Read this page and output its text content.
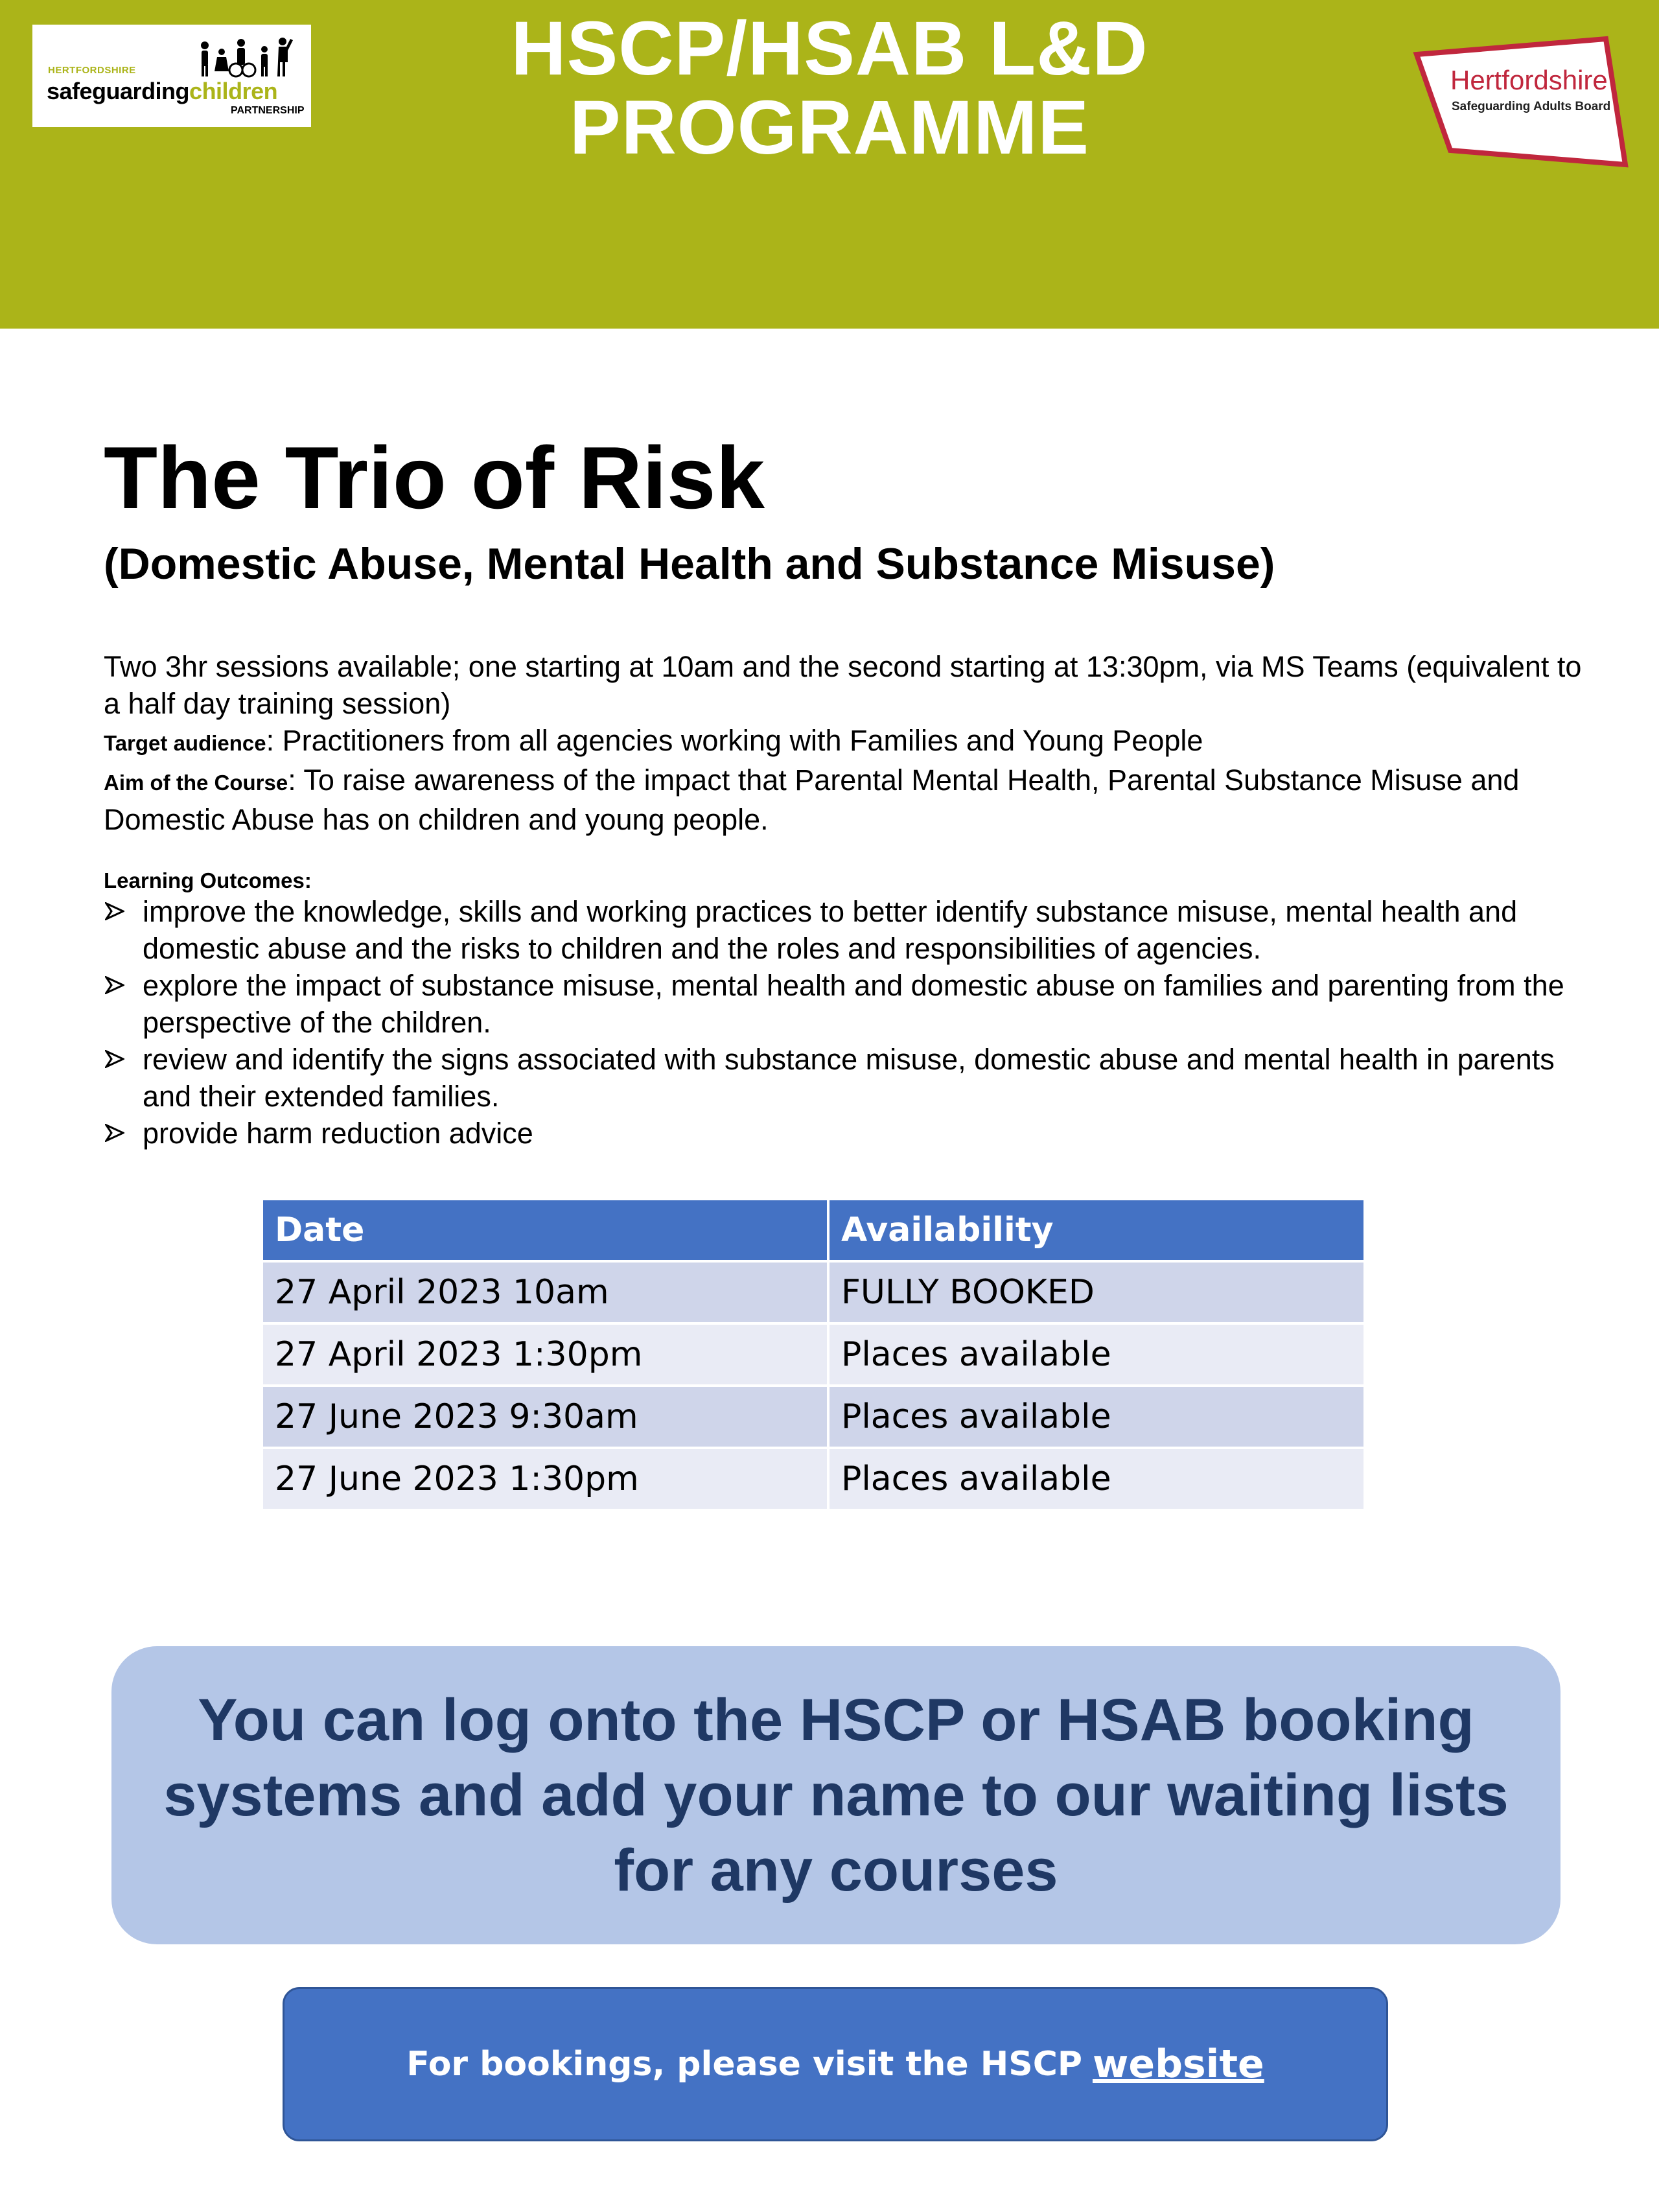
HERTFORDSHIRE
safeguardingchildren
PARTNERSHIP
HSCP/HSAB L&D
PROGRAMME
Hertfordshire
Safeguarding Adults Board
The Trio of Risk
(Domestic Abuse, Mental Health and Substance Misuse)

Two 3hr sessions available; one starting at 10am and the second starting at 13:30pm, via MS Teams (equivalent to a half day training session)

Target audience: Practitioners from all agencies working with Families and Young People

Aim of the Course: To raise awareness of the impact that Parental Mental Health, Parental Substance Misuse and Domestic Abuse has on children and young people.

Learning Outcomes:
improve the knowledge, skills and working practices to better identify substance misuse, mental health and domestic abuse and the risks to children and the roles and responsibilities of agencies.
explore the impact of substance misuse, mental health and domestic abuse on families and parenting from the perspective of the children.
review and identify the signs associated with substance misuse, domestic abuse and mental health in parents and their extended families.
provide harm reduction advice
Date	Availability
27 April 2023 10am	FULLY BOOKED
27 April 2023 1:30pm	Places available
27 June 2023 9:30am	Places available
27 June 2023 1:30pm	Places available
You can log onto the HSCP or HSAB booking systems and add your name to our waiting lists for any courses
For bookings, please visit the HSCP website
